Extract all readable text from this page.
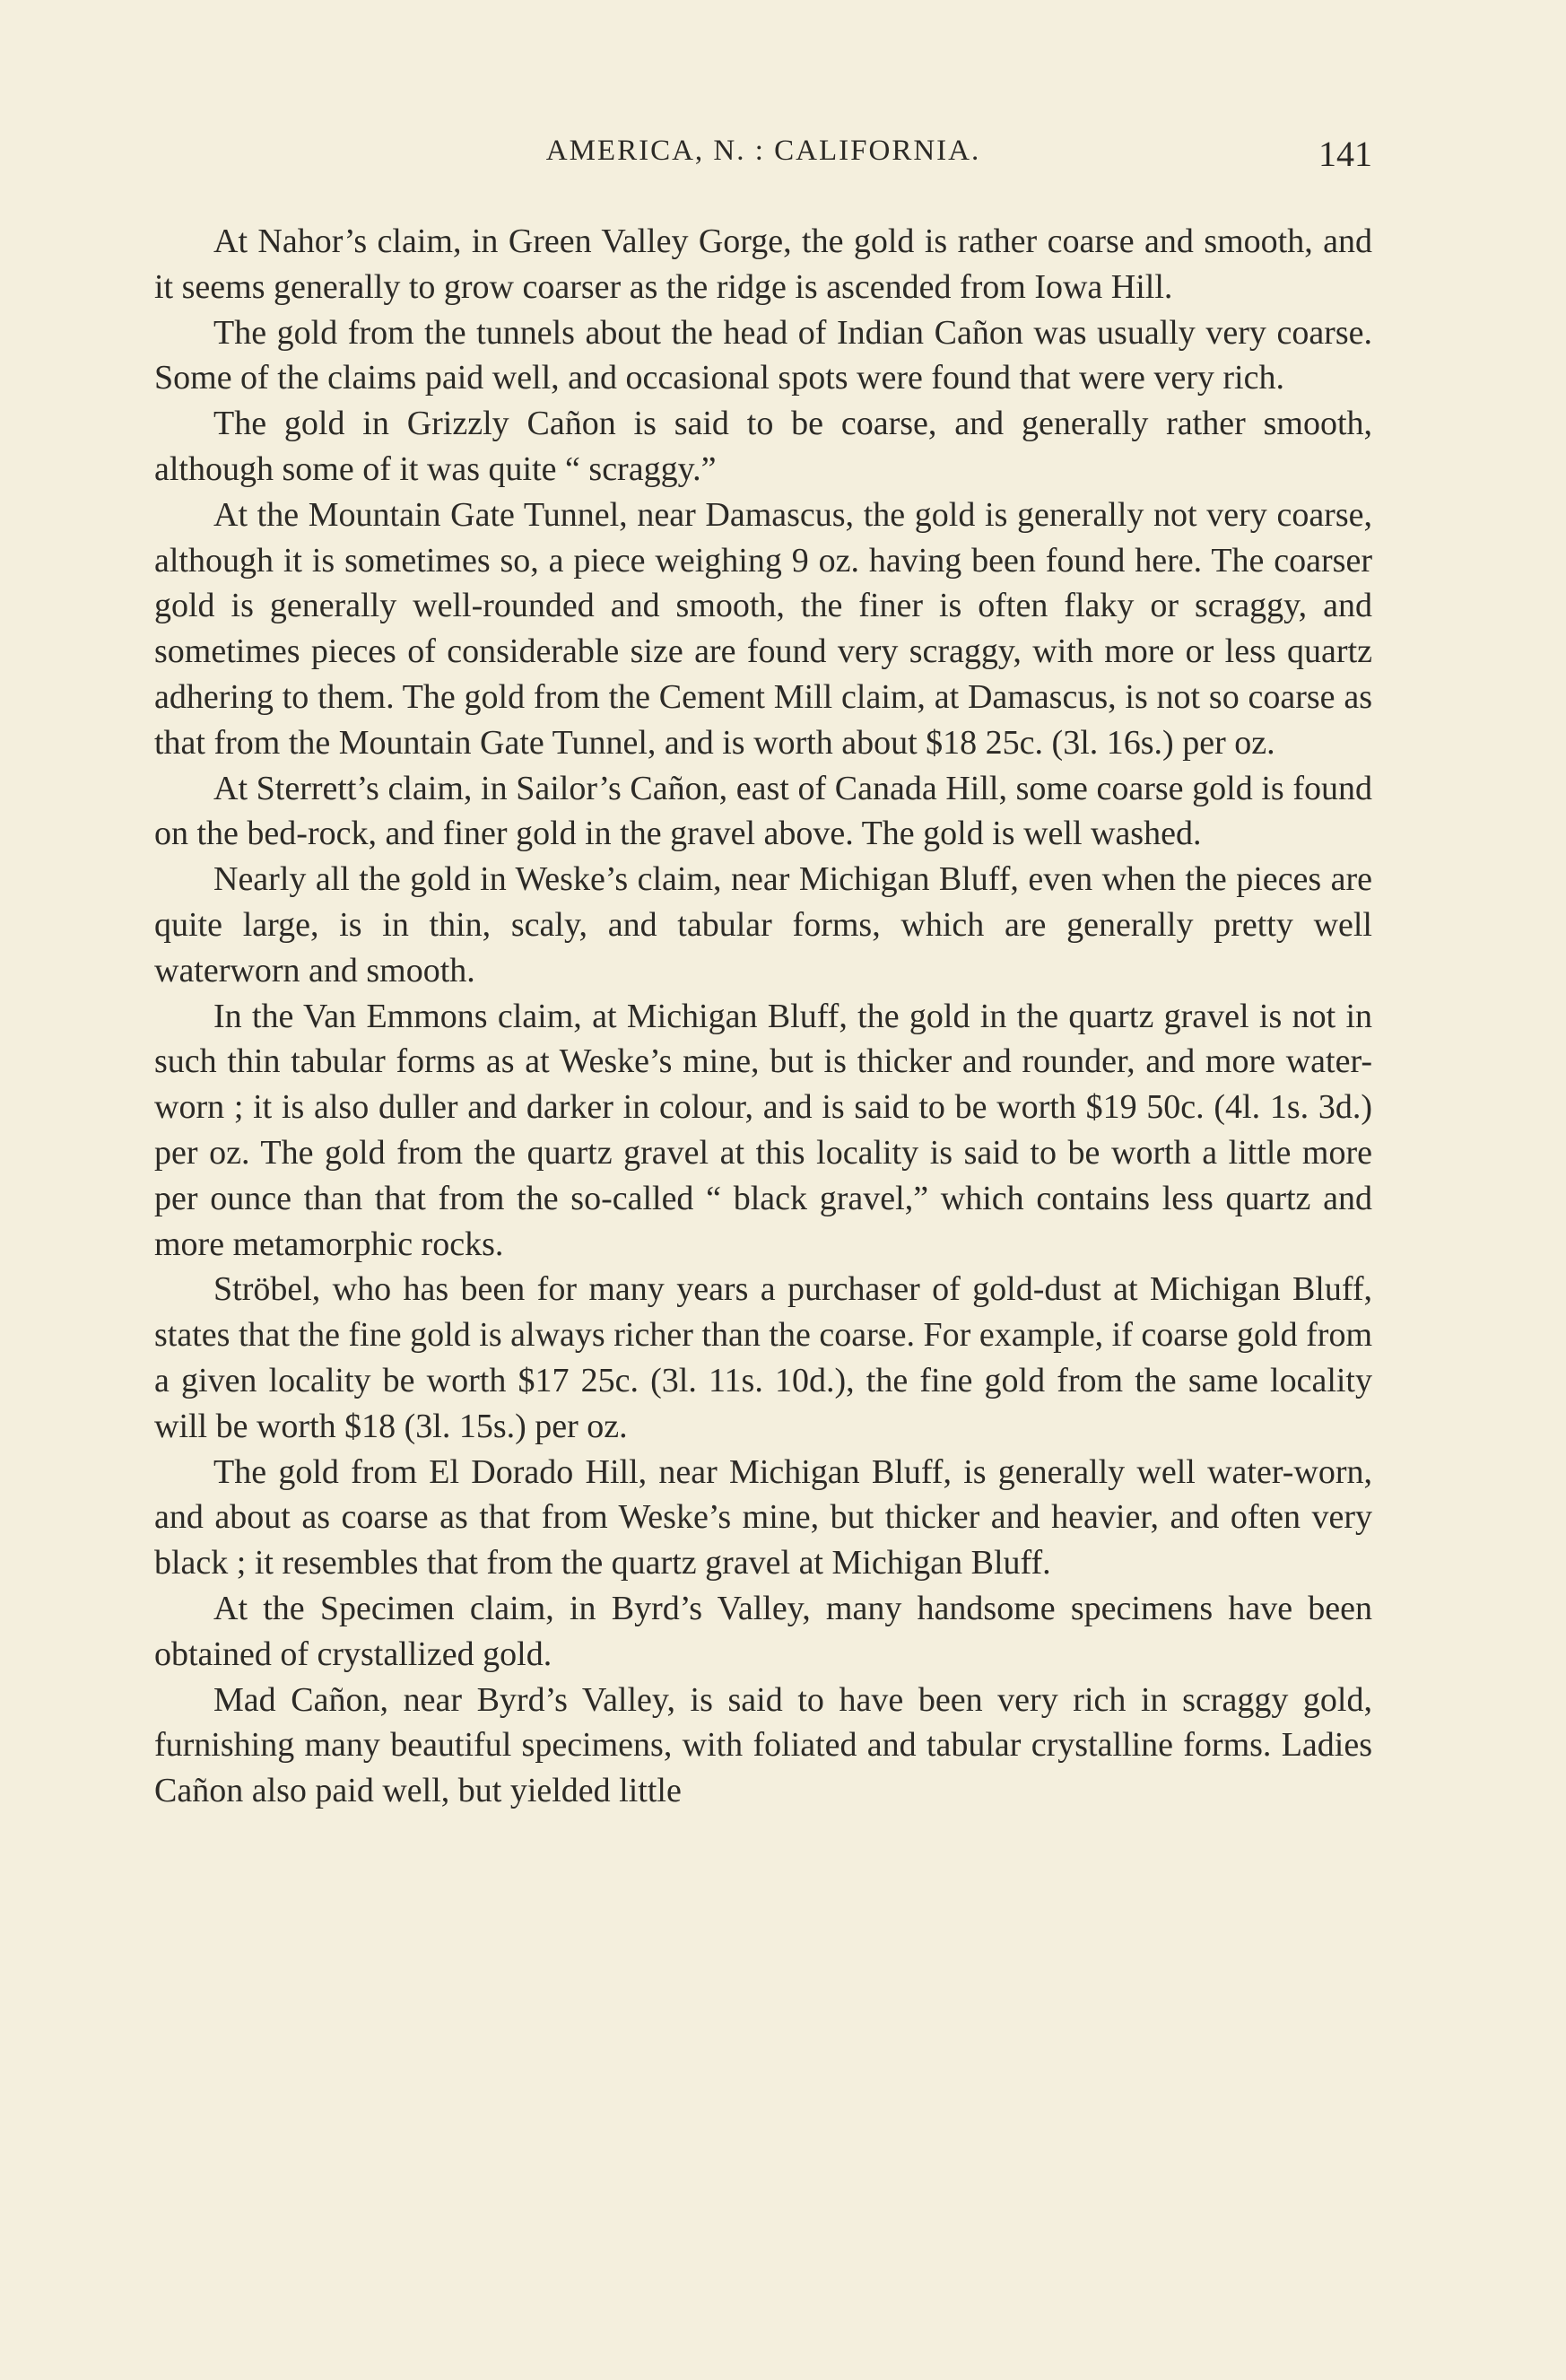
AMERICA, N. : CALIFORNIA.	141

At Nahor’s claim, in Green Valley Gorge, the gold is rather coarse and smooth, and it seems generally to grow coarser as the ridge is ascended from Iowa Hill.

The gold from the tunnels about the head of Indian Cañon was usually very coarse. Some of the claims paid well, and occasional spots were found that were very rich.

The gold in Grizzly Cañon is said to be coarse, and generally rather smooth, although some of it was quite “ scraggy.”

At the Mountain Gate Tunnel, near Damascus, the gold is generally not very coarse, although it is sometimes so, a piece weighing 9 oz. having been found here. The coarser gold is generally well-rounded and smooth, the finer is often flaky or scraggy, and sometimes pieces of considerable size are found very scraggy, with more or less quartz adhering to them. The gold from the Cement Mill claim, at Damascus, is not so coarse as that from the Mountain Gate Tunnel, and is worth about $18 25c. (3l. 16s.) per oz.

At Sterrett’s claim, in Sailor’s Cañon, east of Canada Hill, some coarse gold is found on the bed-rock, and finer gold in the gravel above. The gold is well washed.

Nearly all the gold in Weske’s claim, near Michigan Bluff, even when the pieces are quite large, is in thin, scaly, and tabular forms, which are generally pretty well waterworn and smooth.

In the Van Emmons claim, at Michigan Bluff, the gold in the quartz gravel is not in such thin tabular forms as at Weske’s mine, but is thicker and rounder, and more water-worn ; it is also duller and darker in colour, and is said to be worth $19 50c. (4l. 1s. 3d.) per oz. The gold from the quartz gravel at this locality is said to be worth a little more per ounce than that from the so-called “ black gravel,” which contains less quartz and more metamorphic rocks.

Ströbel, who has been for many years a purchaser of gold-dust at Michigan Bluff, states that the fine gold is always richer than the coarse. For example, if coarse gold from a given locality be worth $17 25c. (3l. 11s. 10d.), the fine gold from the same locality will be worth $18 (3l. 15s.) per oz.

The gold from El Dorado Hill, near Michigan Bluff, is generally well water-worn, and about as coarse as that from Weske’s mine, but thicker and heavier, and often very black ; it resembles that from the quartz gravel at Michigan Bluff.

At the Specimen claim, in Byrd’s Valley, many handsome specimens have been obtained of crystallized gold.

Mad Cañon, near Byrd’s Valley, is said to have been very rich in scraggy gold, furnishing many beautiful specimens, with foliated and tabular crystalline forms. Ladies Cañon also paid well, but yielded little
